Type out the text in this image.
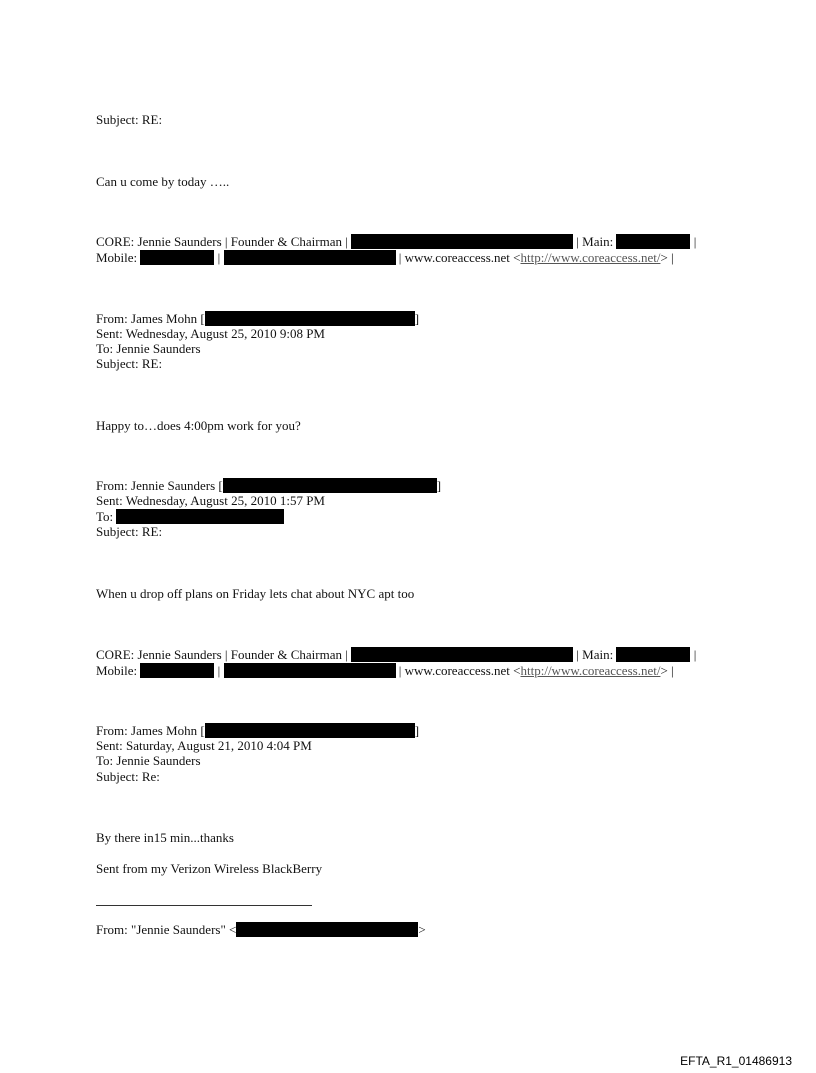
Subject: RE:
Can u come by today …..
CORE: Jennie Saunders | Founder & Chairman |	| Main:	|
Mobile:	|	| www.coreaccess.net <http://www.coreaccess.net/> |
From: James Mohn [	]
Sent: Wednesday, August 25, 2010 9:08 PM
To: Jennie Saunders
Subject: RE:
Happy to…does 4:00pm work for you?
From: Jennie Saunders [	]
Sent: Wednesday, August 25, 2010 1:57 PM
To:
Subject: RE:
When u drop off plans on Friday lets chat about NYC apt too
CORE: Jennie Saunders | Founder & Chairman |	| Main:	|
Mobile:	|	| www.coreaccess.net <http://www.coreaccess.net/> |
From: James Mohn [	]
Sent: Saturday, August 21, 2010 4:04 PM
To: Jennie Saunders
Subject: Re:
By there in15 min...thanks
Sent from my Verizon Wireless BlackBerry
From: "Jennie Saunders" <	>
EFTA_R1_01486913
